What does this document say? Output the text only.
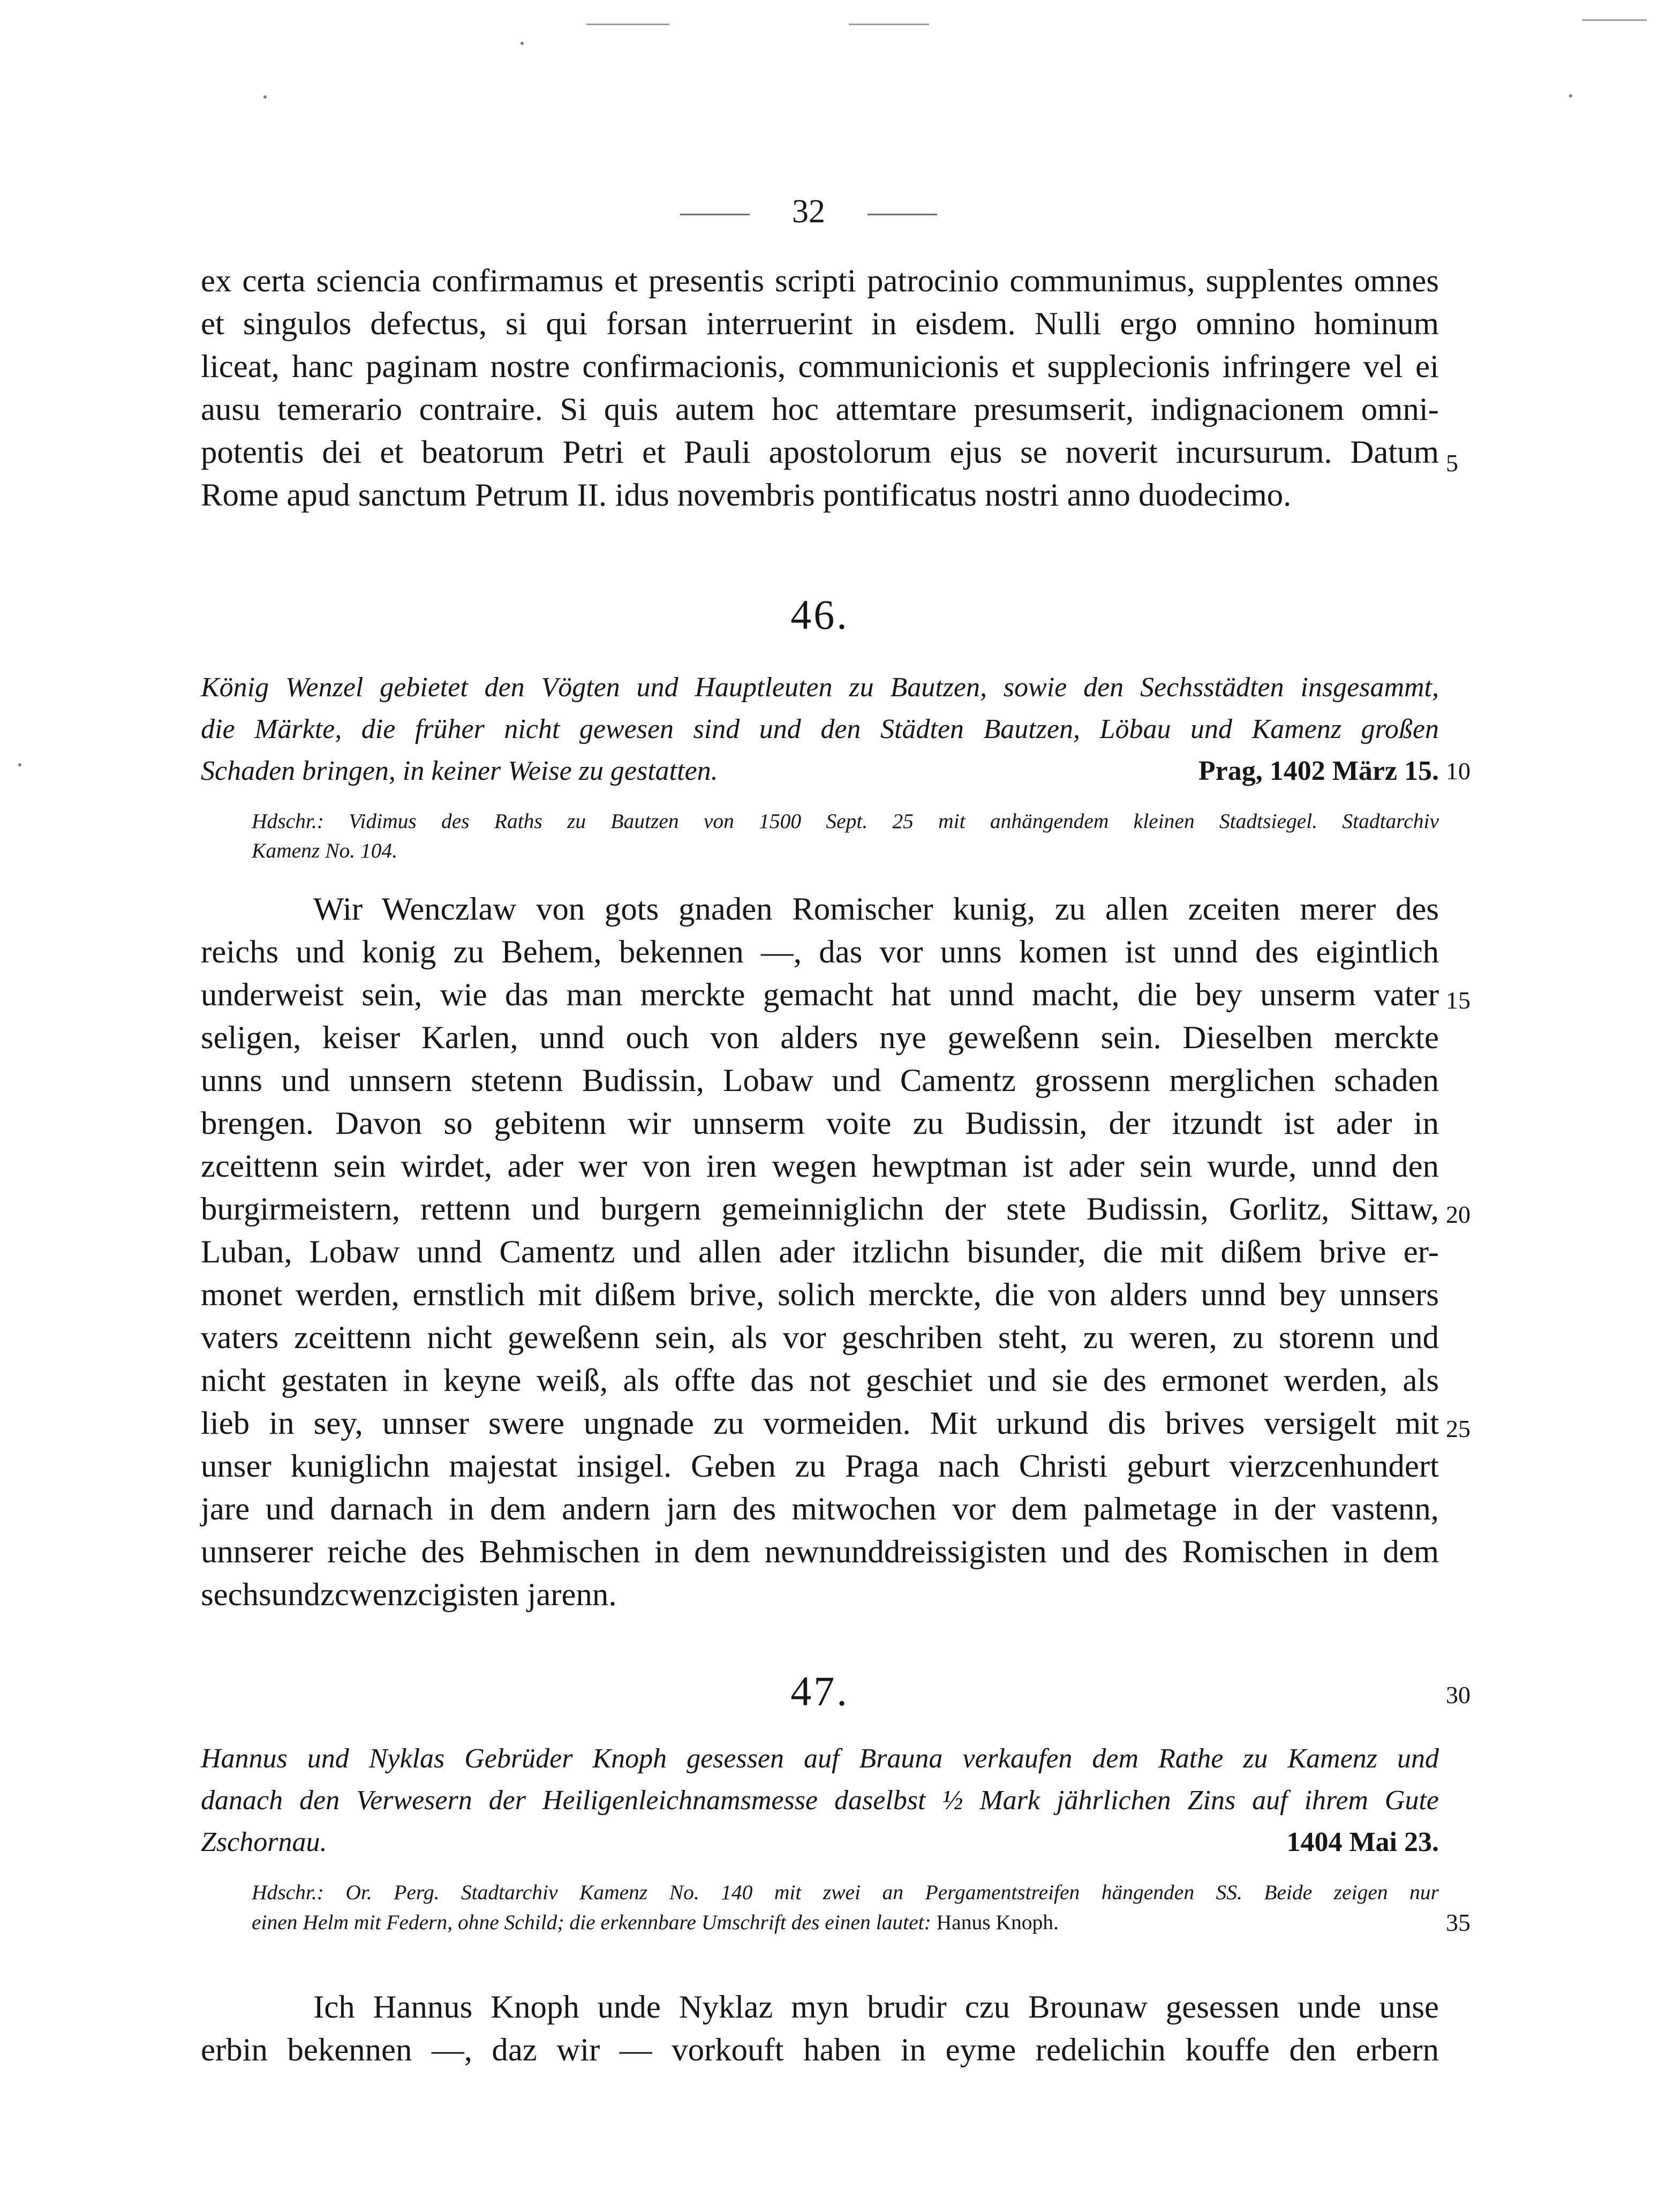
32

ex certa sciencia confirmamus et presentis scripti patrocinio communimus, supplentes omnes

et singulos defectus, si qui forsan interruerint in eisdem. Nulli ergo omnino hominum

liceat, hanc paginam nostre confirmacionis, communicionis et supplecionis infringere vel ei

ausu temerario contraire. Si quis autem hoc attemtare presumserit, indignacionem omni-

potentis dei et beatorum Petri et Pauli apostolorum ejus se noverit incursurum. Datum

Rome apud sanctum Petrum II. idus novembris pontificatus nostri anno duodecimo.

5
46.

König Wenzel gebietet den Vögten und Hauptleuten zu Bautzen, sowie den Sechsstädten insgesammt,

die Märkte, die früher nicht gewesen sind und den Städten Bautzen, Löbau und Kamenz großen

Schaden bringen, in keiner Weise zu gestatten.	Prag, 1402 März 15. 10

Hdschr.: Vidimus des Raths zu Bautzen von 1500 Sept. 25 mit anhängendem kleinen Stadtsiegel. Stadtarchiv

Kamenz No. 104.

Wir Wenczlaw von gots gnaden Romischer kunig, zu allen zceiten merer des

reichs und konig zu Behem, bekennen —, das vor unns komen ist unnd des eigintlich

underweist sein, wie das man merckte gemacht hat unnd macht, die bey unserm vater

seligen, keiser Karlen, unnd ouch von alders nye geweßenn sein. Dieselben merckte

unns und unnsern stetenn Budissin, Lobaw und Camentz grossenn merglichen schaden

brengen. Davon so gebitenn wir unnserm voite zu Budissin, der itzundt ist ader in

zceittenn sein wirdet, ader wer von iren wegen hewptman ist ader sein wurde, unnd den

burgirmeistern, rettenn und burgern gemeinniglichn der stete Budissin, Gorlitz, Sittaw,

Luban, Lobaw unnd Camentz und allen ader itzlichn bisunder, die mit dißem brive er-

monet werden, ernstlich mit dißem brive, solich merckte, die von alders unnd bey unnsers

vaters zceittenn nicht geweßenn sein, als vor geschriben steht, zu weren, zu storenn und

nicht gestaten in keyne weiß, als offte das not geschiet und sie des ermonet werden, als

lieb in sey, unnser swere ungnade zu vormeiden. Mit urkund dis brives versigelt mit

unser kuniglichn majestat insigel. Geben zu Praga nach Christi geburt vierzcenhundert

jare und darnach in dem andern jarn des mitwochen vor dem palmetage in der vastenn,

unnserer reiche des Behmischen in dem newnunddreissigisten und des Romischen in dem

sechsundzcwenzcigisten jarenn.

15
20
25
47.	30

Hannus und Nyklas Gebrüder Knoph gesessen auf Brauna verkaufen dem Rathe zu Kamenz und

danach den Verwesern der Heiligenleichnamsmesse daselbst ½ Mark jährlichen Zins auf ihrem Gute

Zschornau.	1404 Mai 23.

Hdschr.: Or. Perg. Stadtarchiv Kamenz No. 140 mit zwei an Pergamentstreifen hängenden SS. Beide zeigen nur

einen Helm mit Federn, ohne Schild; die erkennbare Umschrift des einen lautet: Hanus Knoph.	35

Ich Hannus Knoph unde Nyklaz myn brudir czu Brounaw gesessen unde unse

erbin bekennen —, daz wir — vorkouft haben in eyme redelichin kouffe den erbern
